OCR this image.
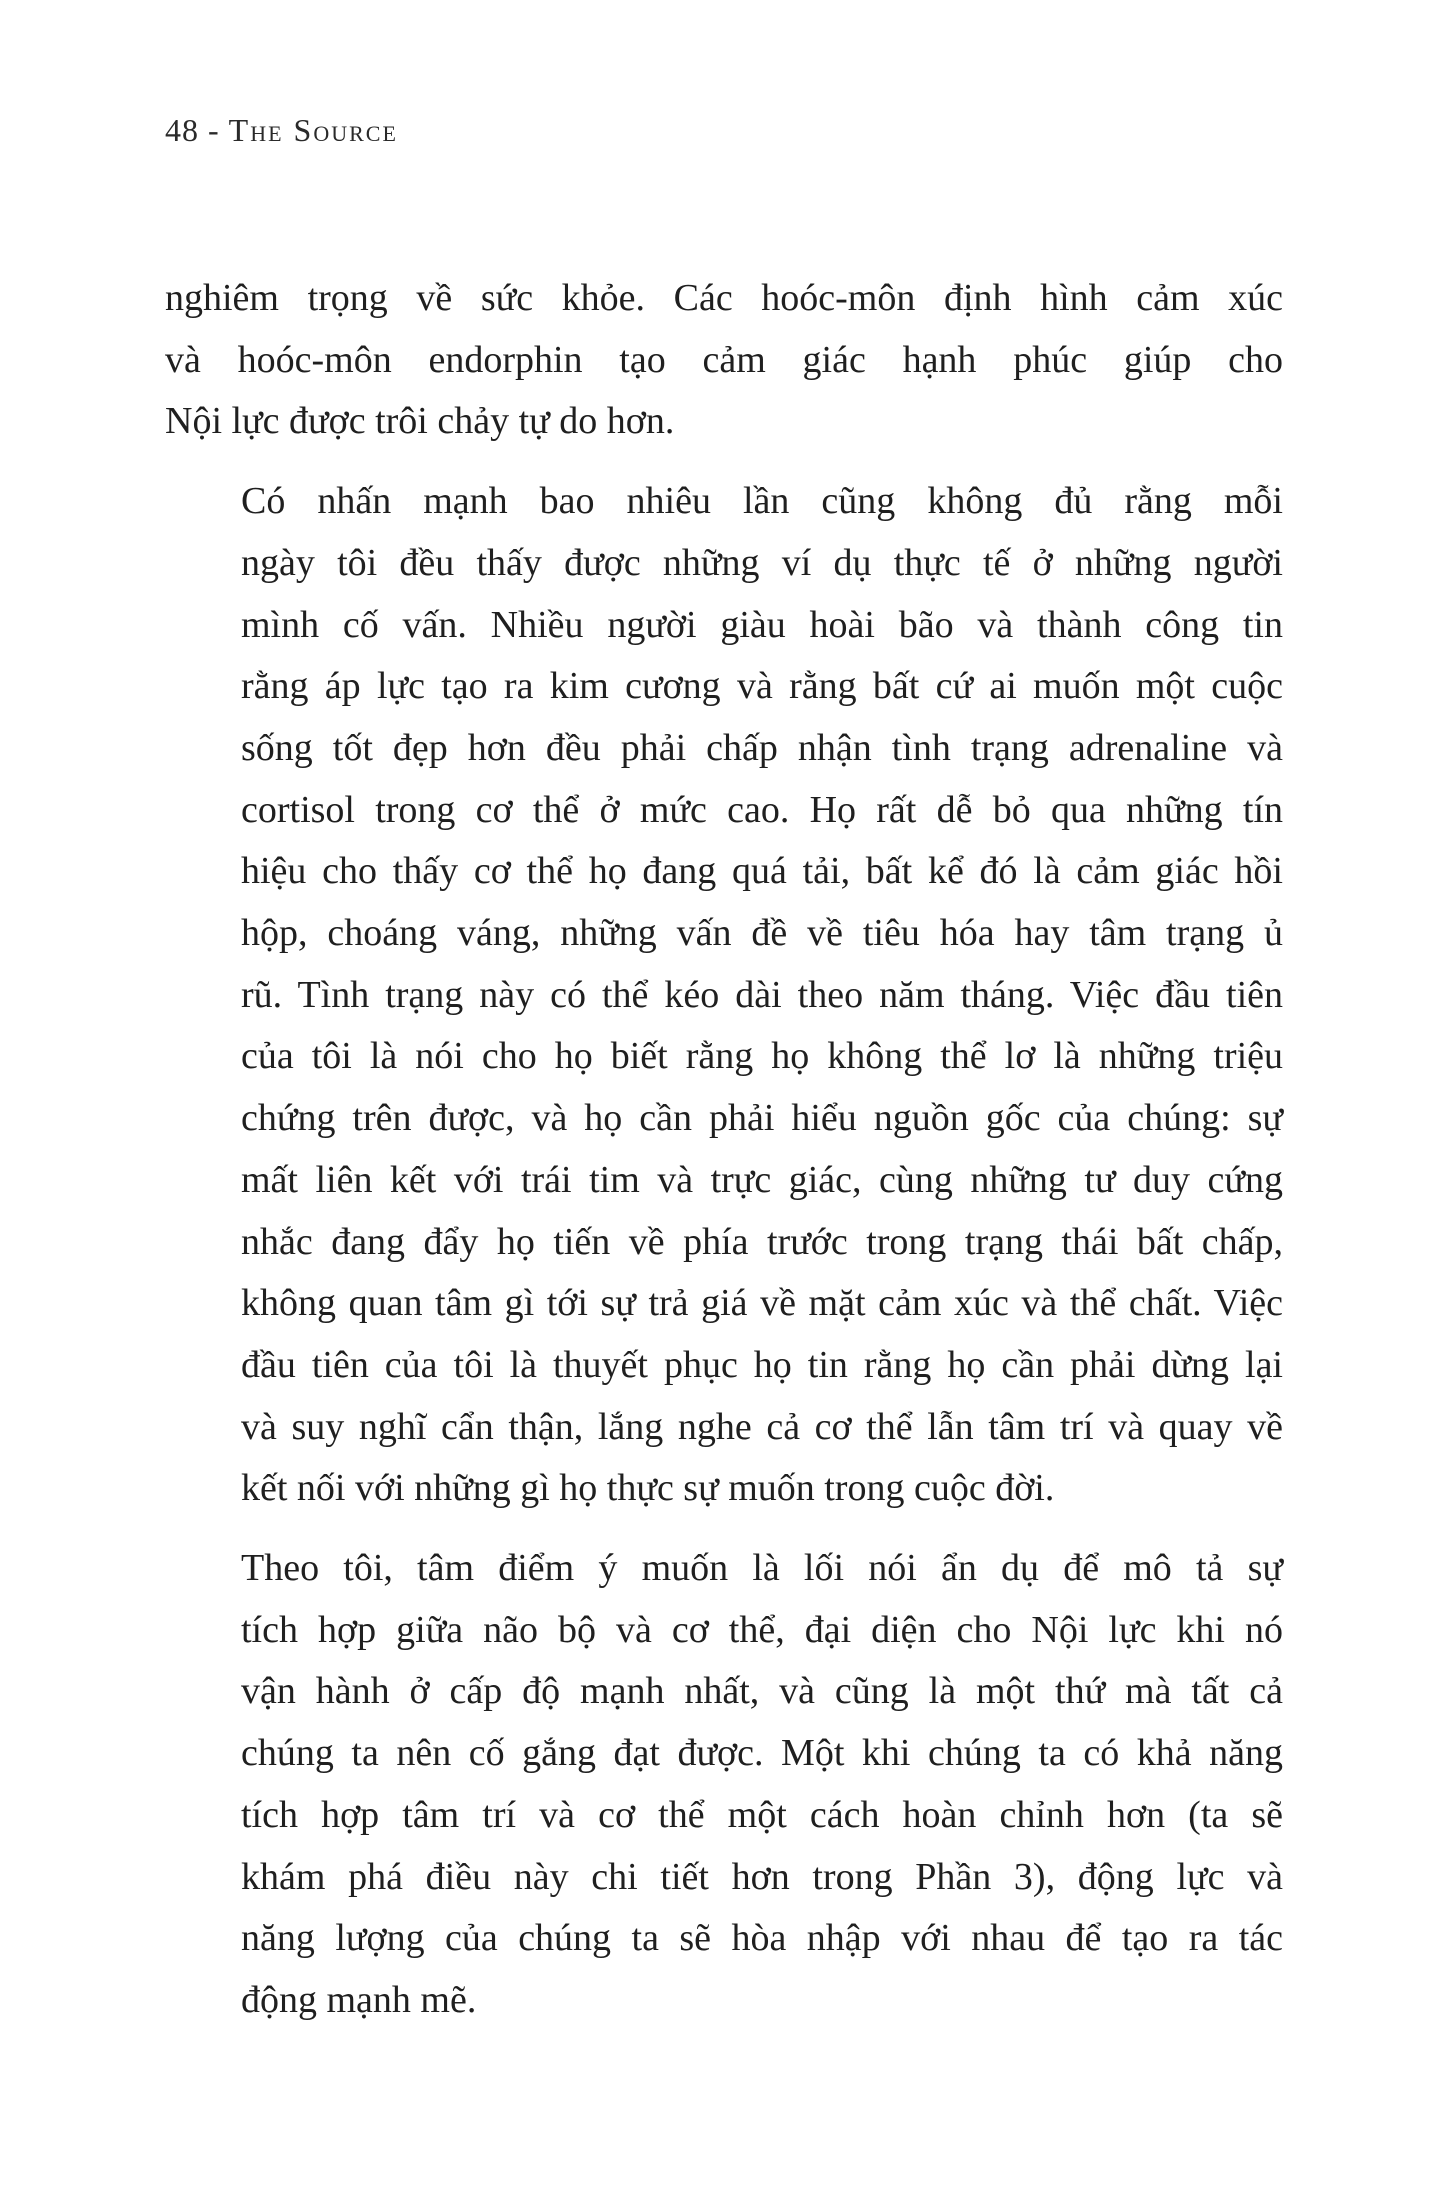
48 - The Source
nghiêm trọng về sức khỏe. Các hoóc-môn định hình cảm xúc
và hoóc-môn endorphin tạo cảm giác hạnh phúc giúp cho
Nội lực được trôi chảy tự do hơn.
Có nhấn mạnh bao nhiêu lần cũng không đủ rằng mỗi
ngày tôi đều thấy được những ví dụ thực tế ở những người
mình cố vấn. Nhiều người giàu hoài bão và thành công tin
rằng áp lực tạo ra kim cương và rằng bất cứ ai muốn một cuộc
sống tốt đẹp hơn đều phải chấp nhận tình trạng adrenaline và
cortisol trong cơ thể ở mức cao. Họ rất dễ bỏ qua những tín
hiệu cho thấy cơ thể họ đang quá tải, bất kể đó là cảm giác hồi
hộp, choáng váng, những vấn đề về tiêu hóa hay tâm trạng ủ
rũ. Tình trạng này có thể kéo dài theo năm tháng. Việc đầu tiên
của tôi là nói cho họ biết rằng họ không thể lơ là những triệu
chứng trên được, và họ cần phải hiểu nguồn gốc của chúng: sự
mất liên kết với trái tim và trực giác, cùng những tư duy cứng
nhắc đang đẩy họ tiến về phía trước trong trạng thái bất chấp,
không quan tâm gì tới sự trả giá về mặt cảm xúc và thể chất. Việc
đầu tiên của tôi là thuyết phục họ tin rằng họ cần phải dừng lại
và suy nghĩ cẩn thận, lắng nghe cả cơ thể lẫn tâm trí và quay về
kết nối với những gì họ thực sự muốn trong cuộc đời.
Theo tôi, tâm điểm ý muốn là lối nói ẩn dụ để mô tả sự
tích hợp giữa não bộ và cơ thể, đại diện cho Nội lực khi nó
vận hành ở cấp độ mạnh nhất, và cũng là một thứ mà tất cả
chúng ta nên cố gắng đạt được. Một khi chúng ta có khả năng
tích hợp tâm trí và cơ thể một cách hoàn chỉnh hơn (ta sẽ
khám phá điều này chi tiết hơn trong Phần 3), động lực và
năng lượng của chúng ta sẽ hòa nhập với nhau để tạo ra tác
động mạnh mẽ.
